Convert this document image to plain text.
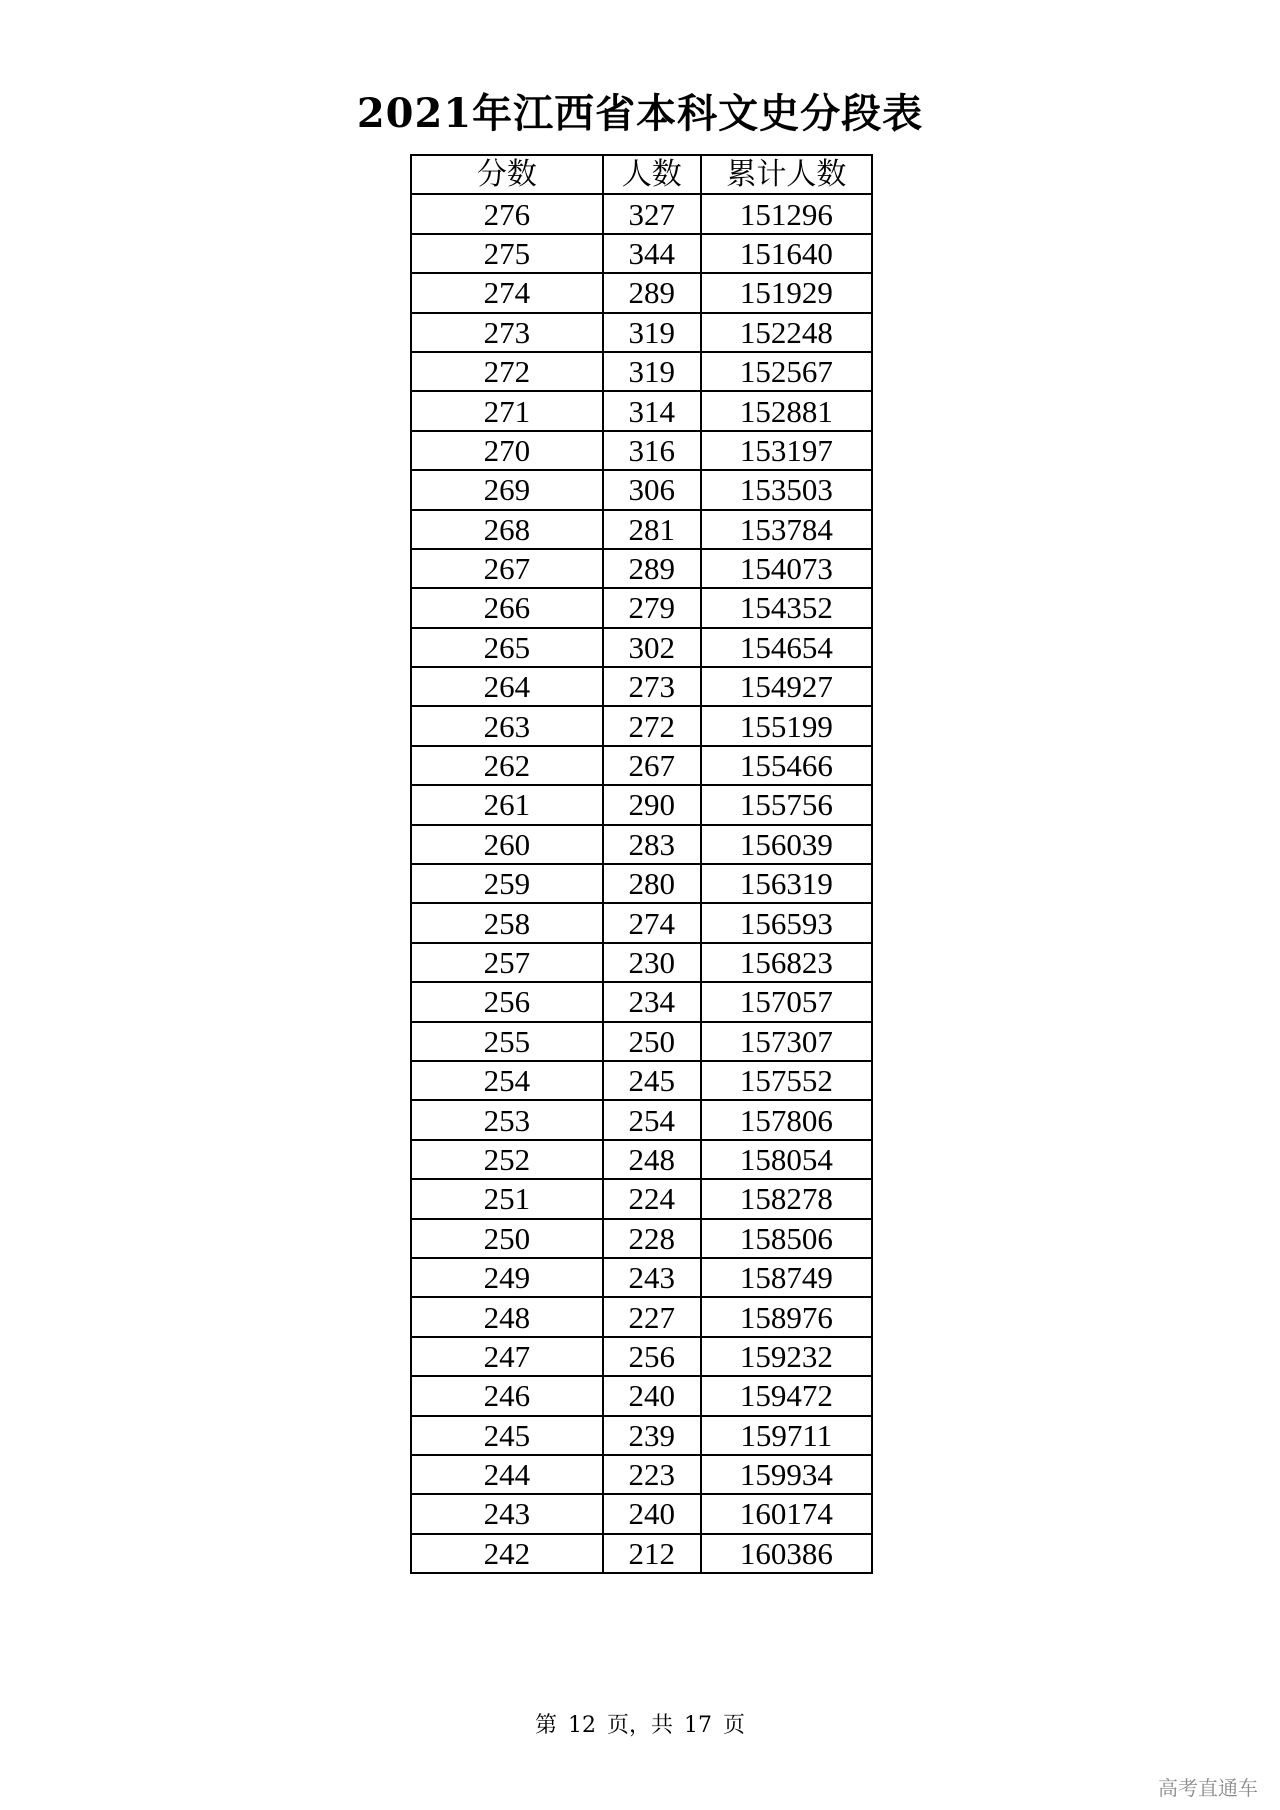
2021年江西省本科文史分段表
分数	人数	累计人数
276	327	151296
275	344	151640
274	289	151929
273	319	152248
272	319	152567
271	314	152881
270	316	153197
269	306	153503
268	281	153784
267	289	154073
266	279	154352
265	302	154654
264	273	154927
263	272	155199
262	267	155466
261	290	155756
260	283	156039
259	280	156319
258	274	156593
257	230	156823
256	234	157057
255	250	157307
254	245	157552
253	254	157806
252	248	158054
251	224	158278
250	228	158506
249	243	158749
248	227	158976
247	256	159232
246	240	159472
245	239	159711
244	223	159934
243	240	160174
242	212	160386
第 12 页，共 17 页
高考直通车
